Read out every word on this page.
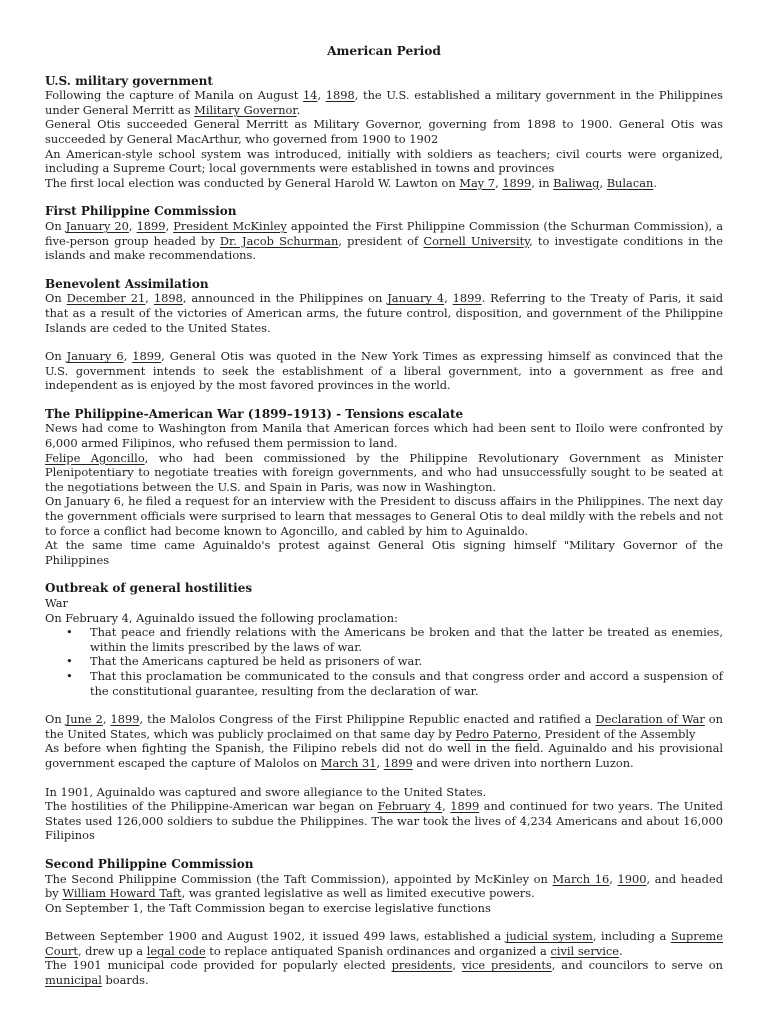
American Period
U.S. military government

Following the capture of Manila on August 14, 1898, the U.S. established a military government in the Philippines under General Merritt as Military Governor.

General Otis succeeded General Merritt as Military Governor, governing from 1898 to 1900. General Otis was succeeded by General MacArthur, who governed from 1900 to 1902

An American-style school system was introduced, initially with soldiers as teachers; civil courts were organized, including a Supreme Court; local governments were established in towns and provinces

The first local election was conducted by General Harold W. Lawton on May 7, 1899, in Baliwag, Bulacan.

First Philippine Commission

On January 20, 1899, President McKinley appointed the First Philippine Commission (the Schurman Commission), a five-person group headed by Dr. Jacob Schurman, president of Cornell University, to investigate conditions in the islands and make recommendations.

Benevolent Assimilation

On December 21, 1898, announced in the Philippines on January 4, 1899. Referring to the Treaty of Paris, it said that as a result of the victories of American arms, the future control, disposition, and government of the Philippine Islands are ceded to the United States.

On January 6, 1899, General Otis was quoted in the New York Times as expressing himself as convinced that the U.S. government intends to seek the establishment of a liberal government, into a government as free and independent as is enjoyed by the most favored provinces in the world.

The Philippine-American War (1899–1913) - Tensions escalate

News had come to Washington from Manila that American forces which had been sent to Iloilo were confronted by 6,000 armed Filipinos, who refused them permission to land.

Felipe Agoncillo, who had been commissioned by the Philippine Revolutionary Government as Minister Plenipotentiary to negotiate treaties with foreign governments, and who had unsuccessfully sought to be seated at the negotiations between the U.S. and Spain in Paris, was now in Washington.

On January 6, he filed a request for an interview with the President to discuss affairs in the Philippines. The next day the government officials were surprised to learn that messages to General Otis to deal mildly with the rebels and not to force a conflict had become known to Agoncillo, and cabled by him to Aguinaldo.

At the same time came Aguinaldo's protest against General Otis signing himself "Military Governor of the Philippines

Outbreak of general hostilities

War

On February 4, Aguinaldo issued the following proclamation:

• That peace and friendly relations with the Americans be broken and that the latter be treated as enemies, within the limits prescribed by the laws of war.
• That the Americans captured be held as prisoners of war.
• That this proclamation be communicated to the consuls and that congress order and accord a suspension of the constitutional guarantee, resulting from the declaration of war.

On June 2, 1899, the Malolos Congress of the First Philippine Republic enacted and ratified a Declaration of War on the United States, which was publicly proclaimed on that same day by Pedro Paterno, President of the Assembly

As before when fighting the Spanish, the Filipino rebels did not do well in the field. Aguinaldo and his provisional government escaped the capture of Malolos on March 31, 1899 and were driven into northern Luzon.

In 1901, Aguinaldo was captured and swore allegiance to the United States.

The hostilities of the Philippine-American war began on February 4, 1899 and continued for two years. The United States used 126,000 soldiers to subdue the Philippines. The war took the lives of 4,234 Americans and about 16,000 Filipinos

Second Philippine Commission

The Second Philippine Commission (the Taft Commission), appointed by McKinley on March 16, 1900, and headed by William Howard Taft, was granted legislative as well as limited executive powers.

On September 1, the Taft Commission began to exercise legislative functions

Between September 1900 and August 1902, it issued 499 laws, established a judicial system, including a Supreme Court, drew up a legal code to replace antiquated Spanish ordinances and organized a civil service.

The 1901 municipal code provided for popularly elected presidents, vice presidents, and councilors to serve on municipal boards.
